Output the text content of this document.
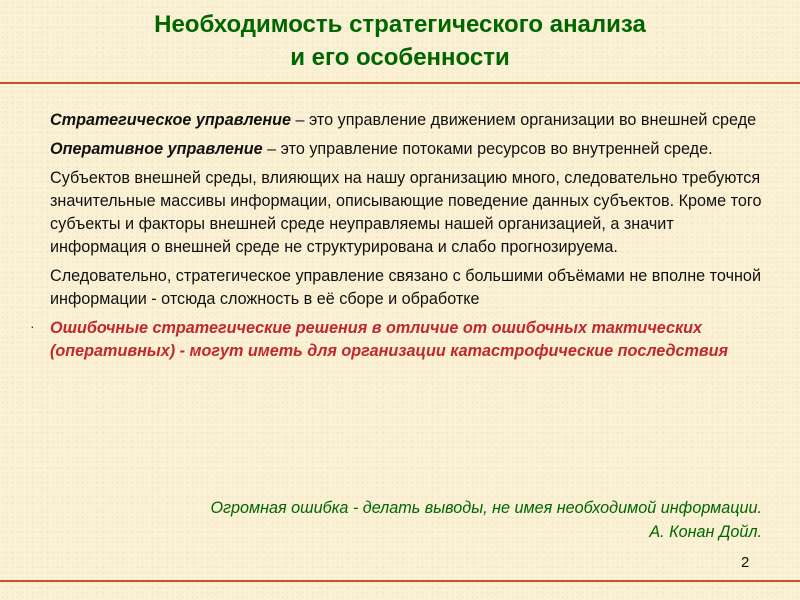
Необходимость стратегического анализа
и его особенности
·

Стратегическое управление – это управление движением организации во внешней среде

Оперативное управление – это управление потоками ресурсов во внутренней среде.

Субъектов внешней среды, влияющих на нашу организацию много, следовательно требуются значительные массивы информации, описывающие поведение данных субъектов. Кроме того субъекты и факторы внешней среде неуправляемы нашей организацией, а значит информация о внешней среде не структурирована и слабо прогнозируема.

Следовательно, стратегическое управление связано с большими объёмами не вполне точной информации - отсюда сложность в её сборе и обработке

Ошибочные стратегические решения в отличие от ошибочных тактических (оперативных) - могут иметь для организации катастрофические последствия

Огромная ошибка - делать выводы, не имея необходимой информации.
А. Конан Дойл.
2
